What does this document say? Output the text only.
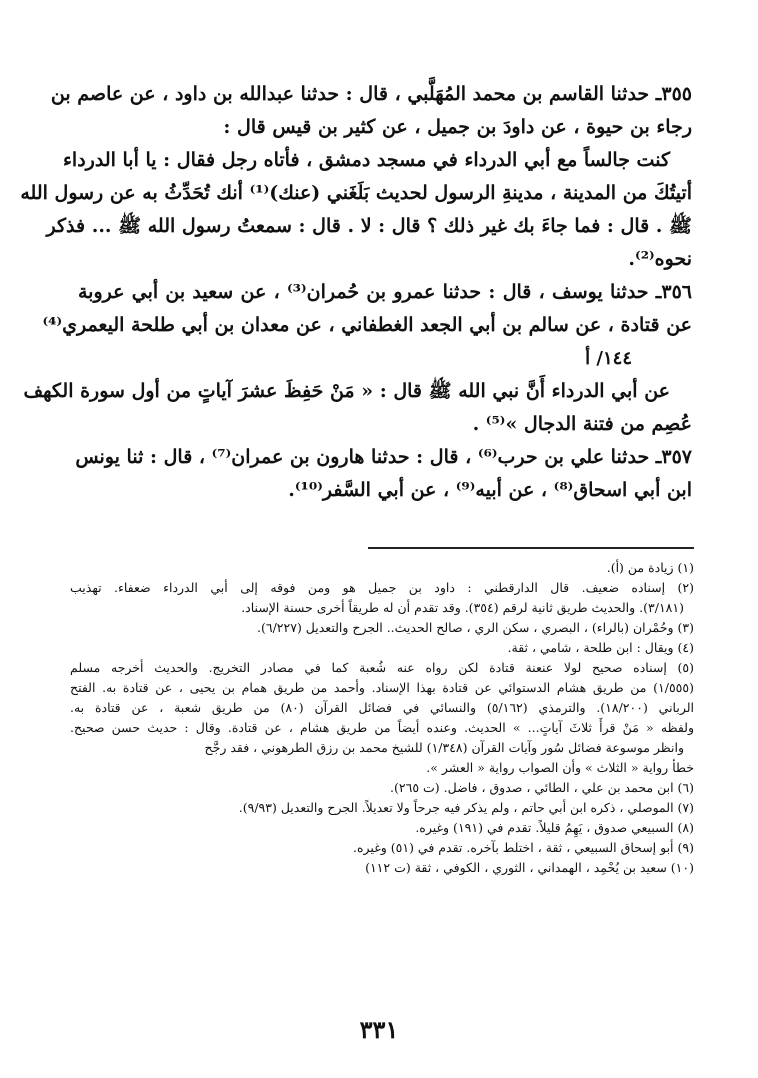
٣٥٥ـ حدثنا القاسم بن محمد المُهَلَّبي ، قال : حدثنا عبدالله بن داود ، عن عاصم بن
رجاء بن حيوة ، عن داودَ بن جميل ، عن كثير بن قيس قال :
كنت جالساً مع أبي الدرداء في مسجد دمشق ، فأتاه رجل فقال : يا أبا الدرداء
أتيتُكَ من المدينة ، مدينةِ الرسول لحديث بَلَغَني (عنك)⁽¹⁾ أنك تُحَدِّثُ به عن رسول الله
ﷺ . قال : فما جاءَ بك غير ذلك ؟ قال : لا . قال : سمعتُ رسول الله ﷺ ... فذكر
نحوه⁽²⁾.
٣٥٦ـ حدثنا يوسف ، قال : حدثنا عمرو بن حُمران⁽³⁾ ، عن سعيد بن أبي عروبة
عن قتادة ، عن سالم بن أبي الجعد الغطفاني ، عن معدان بن أبي طلحة اليعمري⁽⁴⁾
١٤٤/ أ
عن أبي الدرداء أَنَّ نبي الله ﷺ قال : « مَنْ حَفِظَ عشرَ آياتٍ من أول سورة الكهف
عُصِم من فتنة الدجال »⁽⁵⁾ .
٣٥٧ـ حدثنا علي بن حرب⁽⁶⁾ ، قال : حدثنا هارون بن عمران⁽⁷⁾ ، قال : ثنا يونس
ابن أبي اسحاق⁽⁸⁾ ، عن أبيه⁽⁹⁾ ، عن أبي السَّفر⁽¹⁰⁾.
(١) زيادة من (أ).
(٢) إسناده ضعيف. قال الدارقطني : داود بن جميل هو ومن فوقه إلى أبي الدرداء ضعفاء. تهذيب
(٣/١٨١). والحديث طريق ثانية لرقم (٣٥٤). وقد تقدم أن له طريقاً أخرى حسنة الإسناد.
(٣) وحُمْران (بالراء) ، البصري ، سكن الري ، صالح الحديث.. الجرح والتعديل (٦/٢٢٧).
(٤) ويقال : ابن طلحة ، شامي ، ثقة.
(٥) إسناده صحيح لولا عنعنة قتادة لكن رواه عنه شُعبة كما في مصادر التخريج. والحديث أخرجه مسلم
(١/٥٥٥) من طريق هشام الدستوائي عن قتادة بهذا الإسناد. وأحمد من طريق همام بن يحيى ، عن قتادة به. الفتح
الرباني (١٨/٢٠٠). والترمذي (٥/١٦٢) والنسائي في فضائل القرآن (٨٠) من طريق شعبة ، عن قتادة به.
ولفظه « مَنْ قرأَ ثلاثَ آياتٍ... » الحديث. وعنده أيضاً من طريق هشام ، عن قتادة. وقال : حديث حسن صحيح.
وانظر موسوعة فضائل سُور وآيات القرآن (١/٣٤٨) للشيخ محمد بن رزق الطرهوني ، فقد رجَّح
خطأ رواية « الثلاث » وأن الصواب رواية « العشر ».
(٦) ابن محمد بن علي ، الطائي ، صدوق ، فاضل. (ت ٢٦٥).
(٧) الموصلي ، ذكره ابن أبي حاتم ، ولم يذكر فيه جرحاً ولا تعديلاً. الجرح والتعديل (٩/٩٣).
(٨) السبيعي صدوق ، يَهِمُ قليلاً. تقدم في (١٩١) وغيره.
(٩) أبو إسحاق السبيعي ، ثقة ، اختلط بآخره. تقدم في (٥١) وغيره.
(١٠) سعيد بن يُحْمِد ، الهمداني ، الثوري ، الكوفي ، ثقة (ت ١١٢)
٣٣١
